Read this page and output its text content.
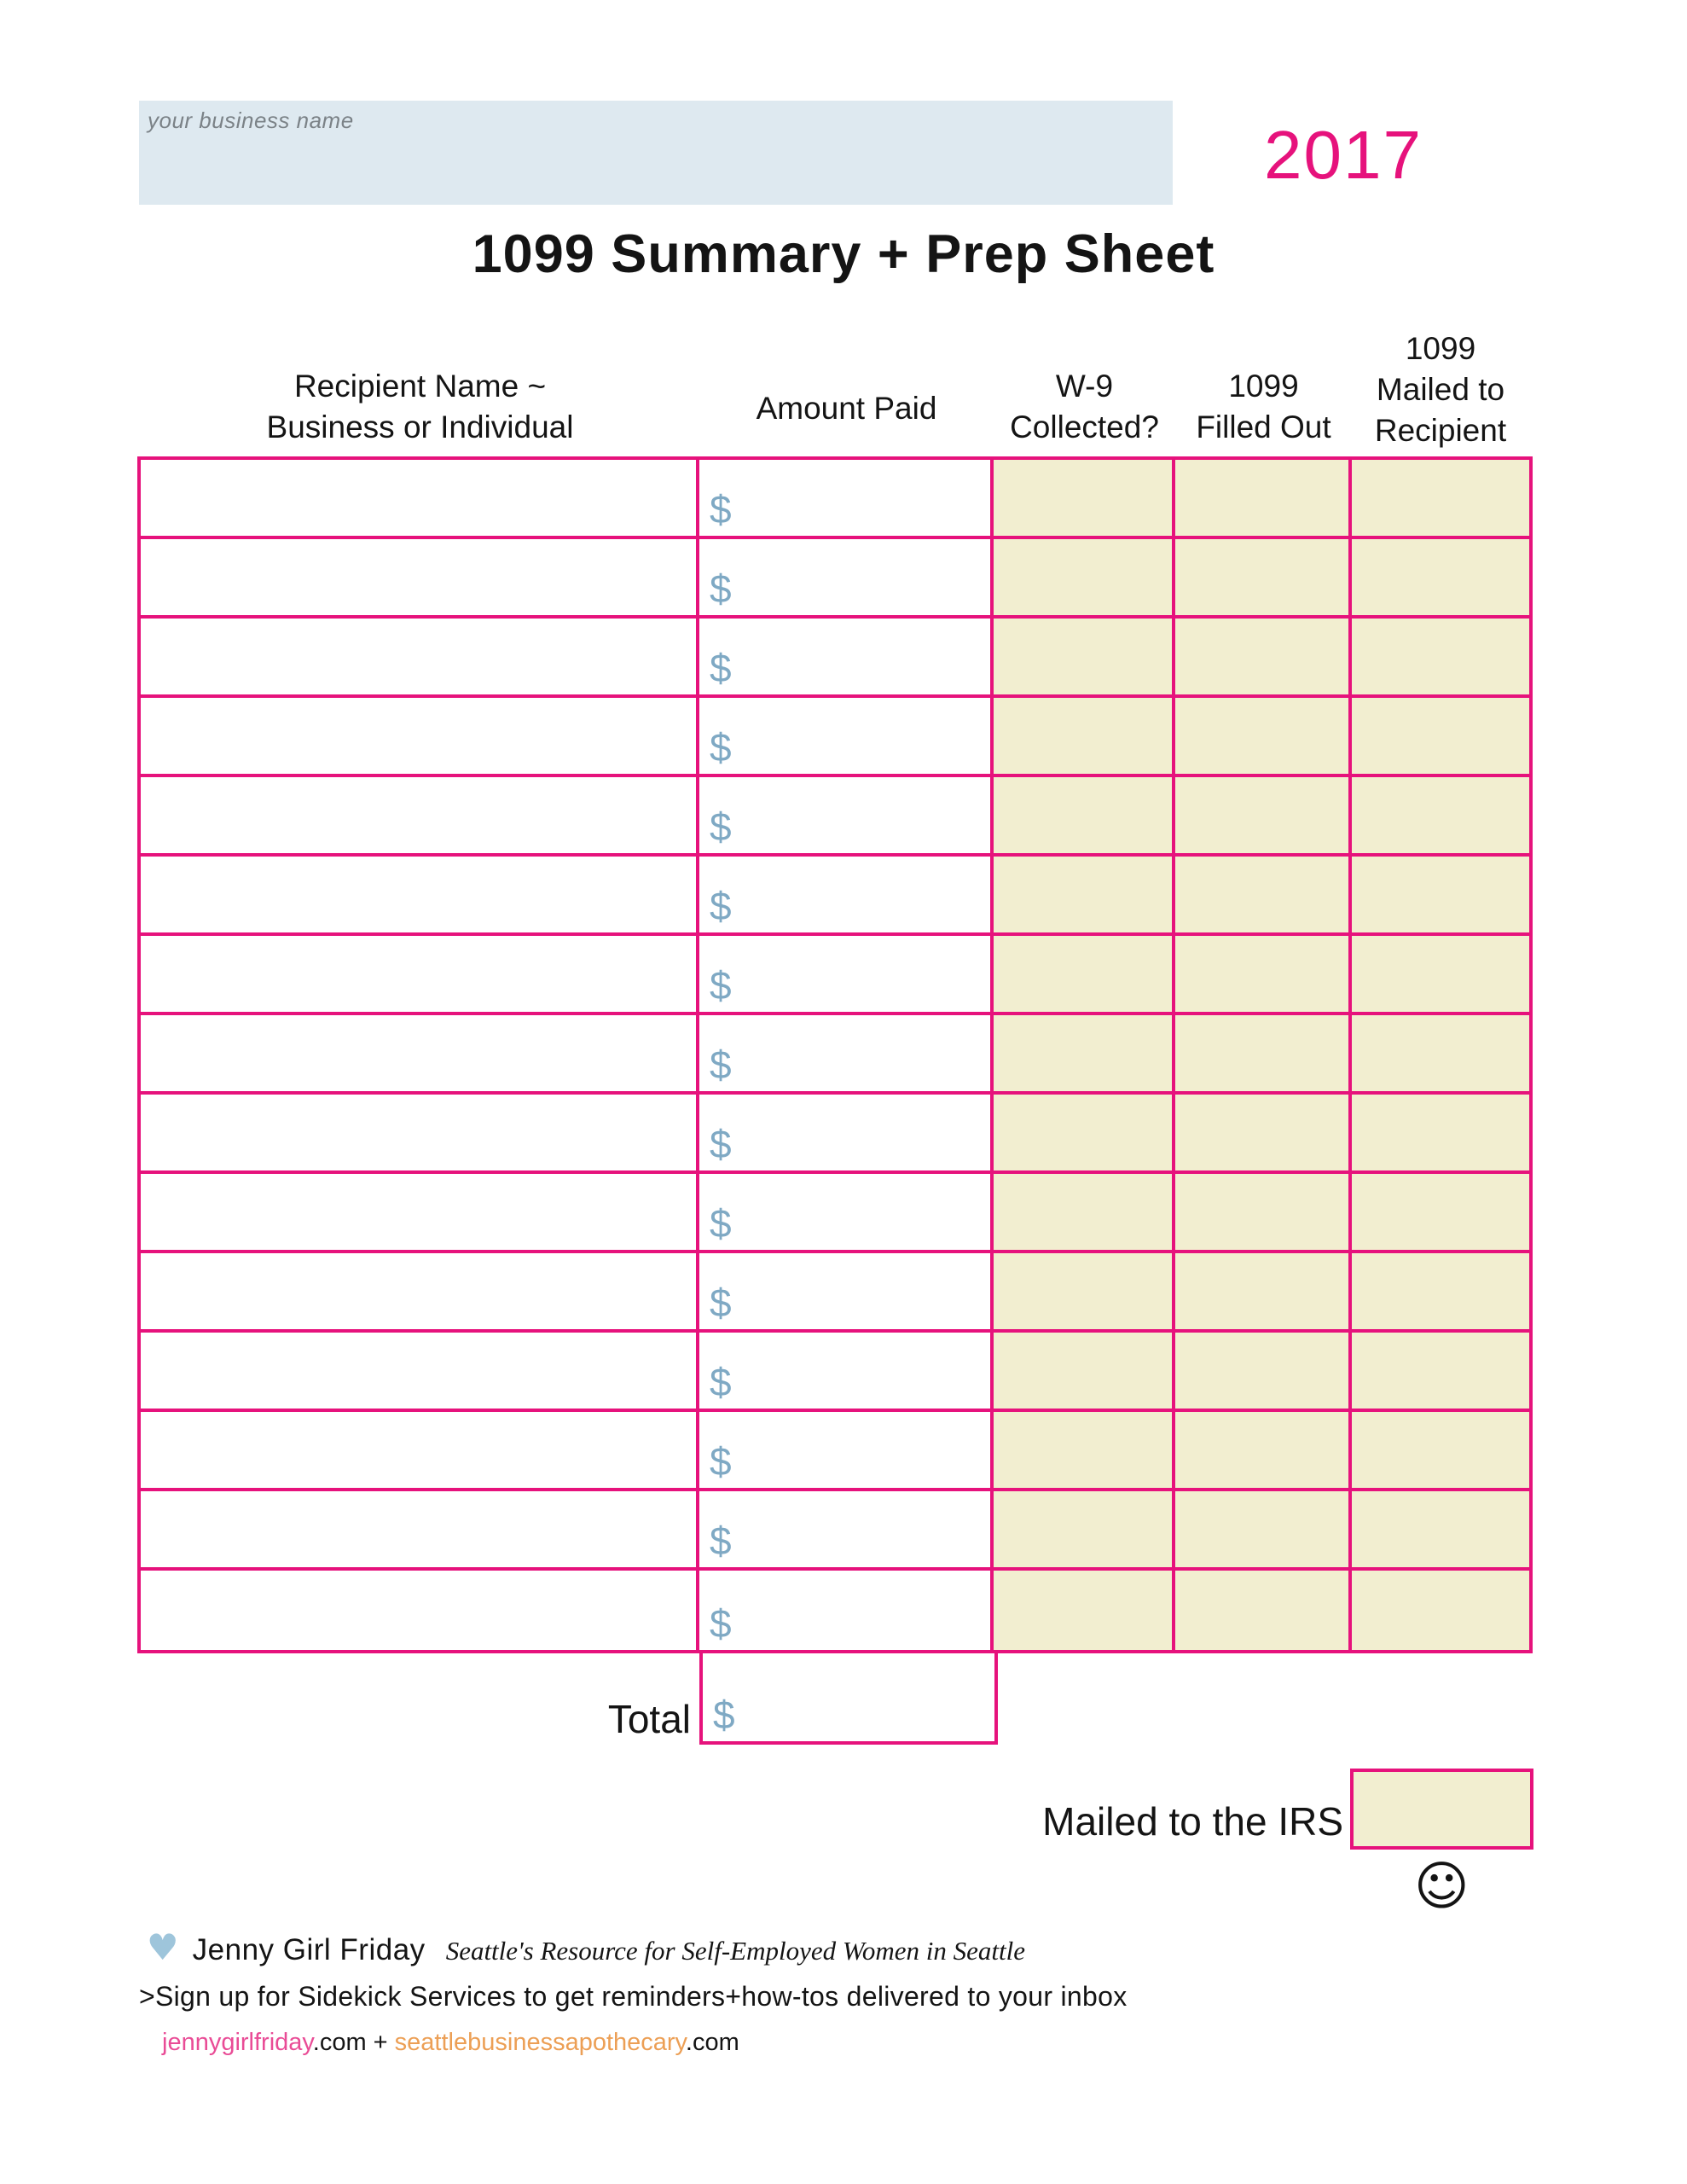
your business name	2017
1099 Summary + Prep Sheet
Recipient Name ~
Business or Individual
Amount Paid
W-9
Collected?
1099
Filled Out
1099
Mailed to
Recipient
$
$
$
$
$
$
$
$
$
$
$
$
$
$
$
Total $
Mailed to the IRS
☺
♥ Jenny Girl Friday Seattle's Resource for Self-Employed Women in Seattle
>Sign up for Sidekick Services to get reminders+how-tos delivered to your inbox
jennygirlfriday.com + seattlebusinessapothecary.com
